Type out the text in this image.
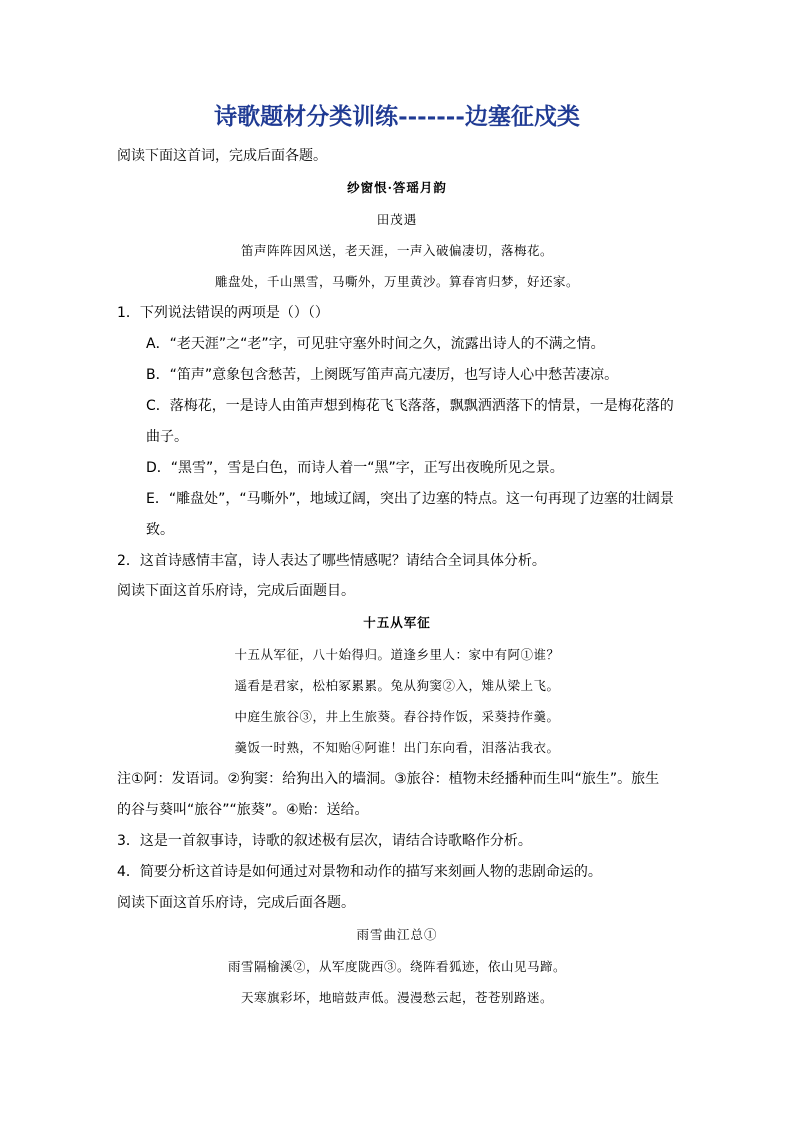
诗歌题材分类训练-------边塞征戍类
阅读下面这首词，完成后面各题。
纱窗恨·答瑶月韵
田茂遇
笛声阵阵因风送，老天涯，一声入破偏凄切，落梅花。
雕盘处，千山黑雪，马嘶外，万里黄沙。算春宵归梦，好还家。
1．下列说法错误的两项是（）（）
A．“老天涯”之“老”字，可见驻守塞外时间之久，流露出诗人的不满之情。
B．“笛声”意象包含愁苦，上阕既写笛声高亢凄厉，也写诗人心中愁苦凄凉。
C．落梅花，一是诗人由笛声想到梅花飞飞落落，飘飘洒洒落下的情景，一是梅花落的
曲子。
D．“黑雪”，雪是白色，而诗人着一“黑”字，正写出夜晚所见之景。
E．“雕盘处”，“马嘶外”，地域辽阔，突出了边塞的特点。这一句再现了边塞的壮阔景
致。
2．这首诗感情丰富，诗人表达了哪些情感呢？请结合全词具体分析。
阅读下面这首乐府诗，完成后面题目。
十五从军征
十五从军征，八十始得归。道逢乡里人：家中有阿①谁？
遥看是君家，松柏冢累累。兔从狗窦②入，雉从梁上飞。
中庭生旅谷③，井上生旅葵。舂谷持作饭，采葵持作羹。
羹饭一时熟，不知贻④阿谁！出门东向看，泪落沾我衣。
注①阿：发语词。②狗窦：给狗出入的墙洞。③旅谷：植物未经播种而生叫“旅生”。旅生
的谷与葵叫“旅谷”“旅葵”。④贻：送给。
3．这是一首叙事诗，诗歌的叙述极有层次，请结合诗歌略作分析。
4．简要分析这首诗是如何通过对景物和动作的描写来刻画人物的悲剧命运的。
阅读下面这首乐府诗，完成后面各题。
雨雪曲江总①
雨雪隔榆溪②，从军度陇西③。绕阵看狐迹，依山见马蹄。
天寒旗彩坏，地暗鼓声低。漫漫愁云起，苍苍别路迷。
